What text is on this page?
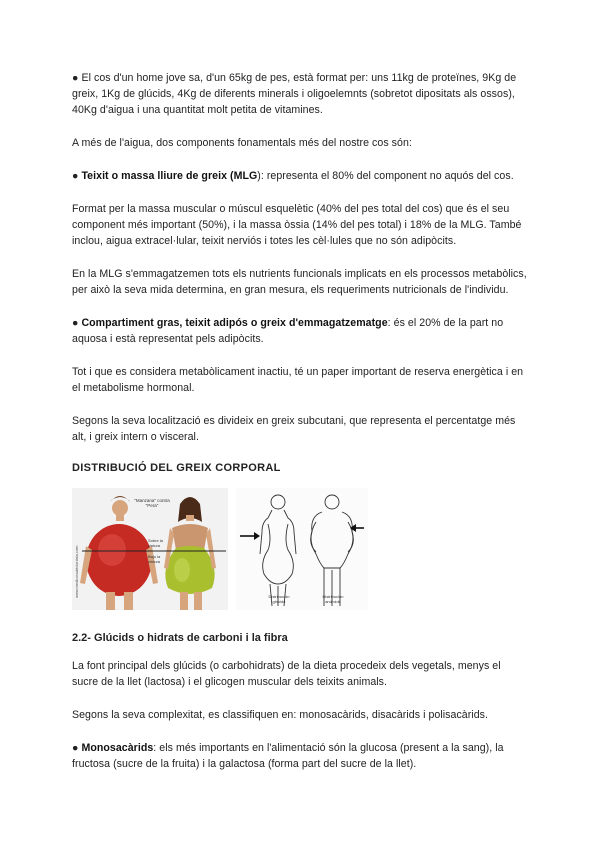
● El cos d'un home jove sa, d'un 65kg de pes, està format per: uns 11kg de proteïnes, 9Kg de greix, 1Kg de glúcids, 4Kg de diferents minerals i oligoelemnts (sobretot dipositats als ossos), 40Kg d'aigua i una quantitat molt petita de vitamines.

A més de l'aigua, dos components fonamentals més del nostre cos són:

● Teixit o massa lliure de greix (MLG): representa el 80% del component no aquós del cos.

Format per la massa muscular o múscul esquelètic (40% del pes total del cos) que és el seu component més important (50%), i la massa òssia (14% del pes total) i 18% de la MLG. També inclou, aigua extracel·lular, teixit nerviós i totes les cèl·lules que no són adipòcits.

En la MLG s'emmagatzemen tots els nutrients funcionals implicats en els processos metabòlics, per això la seva mida determina, en gran mesura, els requeriments nutricionals de l'individu.

● Compartiment gras, teixit adipós o greix d'emmagatzematge: és el 20% de la part no aquosa i està representat pels adipòcits.

Tot i que es considera metabòlicament inactiu, té un paper important de reserva energètica i en el metabolisme hormonal.

Segons la seva localització es divideix en greix subcutani, que representa el percentatge més alt, i greix intern o visceral.

DISTRIBUCIÓ DEL GREIX CORPORAL
"Manzana" contra "Pera"
Sobre la cintura
Bajo la cintura
www.mediconutricionista.com	Distribución ginoide
Distribución androide
2.2- Glúcids o hidrats de carboni i la fibra

La font principal dels glúcids (o carbohidrats) de la dieta procedeix dels vegetals, menys el sucre de la llet (lactosa) i el glicogen muscular dels teixits animals.

Segons la seva complexitat, es classifiquen en: monosacàrids, disacàrids i polisacàrids.

● Monosacàrids: els més importants en l'alimentació són la glucosa (present a la sang), la fructosa (sucre de la fruita) i la galactosa (forma part del sucre de la llet).
